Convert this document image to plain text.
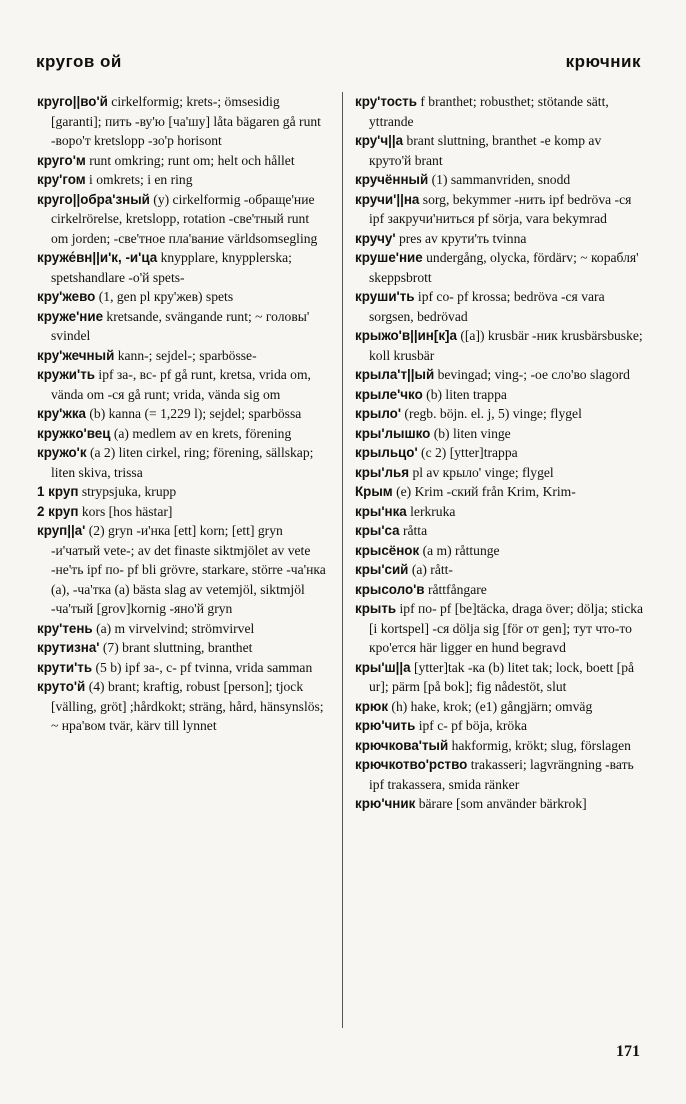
кругов ой	крючник

круго||во'й cirkelformig; krets-; ömsesidig [garanti]; пить -ву'ю [ча'шу] låta bägaren gå runt -воро'т kretslopp -зо'р horisont

круго'м runt omkring; runt om; helt och hållet

кру'гом i omkrets; i en ring

круго||обра'зный (у) cirkelformig -обраще'ние cirkelrörelse, kretslopp, rotation -све'тный runt om jorden; -све'тное пла'вание världsomsegling

круже́вн||и'к, -и'ца knypplare, knypplerska; spetshandlare -о'й spets-

кру'жево (1, gen pl кру'жев) spets

круже'ние kretsande, svängande runt; ~ головы' svindel

кру'жечный kann-; sejdel-; sparbösse-

кружи'ть ipf за-, вс- pf gå runt, kretsa, vrida om, vända om -ся gå runt; vrida, vända sig om

кру'жка (b) kanna (= 1,229 l); sejdel; sparbössa

кружко'вец (a) medlem av en krets, förening

кружо'к (a 2) liten cirkel, ring; förening, sällskap; liten skiva, trissa

1 круп strypsjuka, krupp

2 круп kors [hos hästar]

круп||а' (2) gryn -и'нка [ett] korn; [ett] gryn -и'чатый vete-; av det finaste siktmjölet av vete -не'ть ipf по- pf bli grövre, starkare, större -ча'нка (a), -ча'тка (a) bästa slag av vetemjöl, siktmjöl -ча'тый [grov]kornig -яно'й gryn

кру'тень (a) m virvelvind; strömvirvel

крутизна' (7) brant sluttning, branthet

крути'ть (5 b) ipf за-, с- pf tvinna, vrida samman

круто'й (4) brant; kraftig, robust [person]; tjock [välling, gröt] ;hårdkokt; sträng, hård, hänsynslös; ~ нра'вом tvär, kärv till lynnet

кру'тость f branthet; robusthet; stötande sätt, yttrande

кру'ч||а brant sluttning, branthet -е komp av круто'й brant

кручённый (1) sammanvriden, snodd

кручи'||на sorg, bekymmer -нить ipf bedröva -ся ipf закручи'ниться pf sörja, vara bekymrad

кручу' pres av крути'ть tvinna

круше'ние undergång, olycka, fördärv; ~ корабля' skeppsbrott

круши'ть ipf со- pf krossa; bedröva -ся vara sorgsen, bedrövad

крыжо'в||ин[к]а ([a]) krusbär -ник krusbärsbuske; koll krusbär

крыла'т||ый bevingad; ving-; -ое сло'во slagord

крыле'чко (b) liten trappa

крыло' (regb. böjn. el. j, 5) vinge; flygel

кры'лышко (b) liten vinge

крыльцо' (c 2) [ytter]trappa

кры'лья pl av крыло' vinge; flygel

Крым (e) Krim -ский från Krim, Krim-

кры'нка lerkruka

кры'са råtta

крысёнок (a m) råttunge

кры'сий (a) rått-

крысоло'в råttfångare

крыть ipf по- pf [be]täcka, draga över; dölja; sticka [i kortspel] -ся dölja sig [för от gen]; тут что-то кро'ется här ligger en hund begravd

кры'ш||а [ytter]tak -ка (b) litet tak; lock, boett [på ur]; pärm [på bok]; fig nådestöt, slut

крюк (h) hake, krok; (e1) gångjärn; omväg

крю'чить ipf с- pf böja, kröka

крючкова'тый hakformig, krökt; slug, förslagen

крючкотво'рство trakasseri; lagvrängning -вать ipf trakassera, smida ränker

крю'чник bärare [som använder bärkrok]

171
